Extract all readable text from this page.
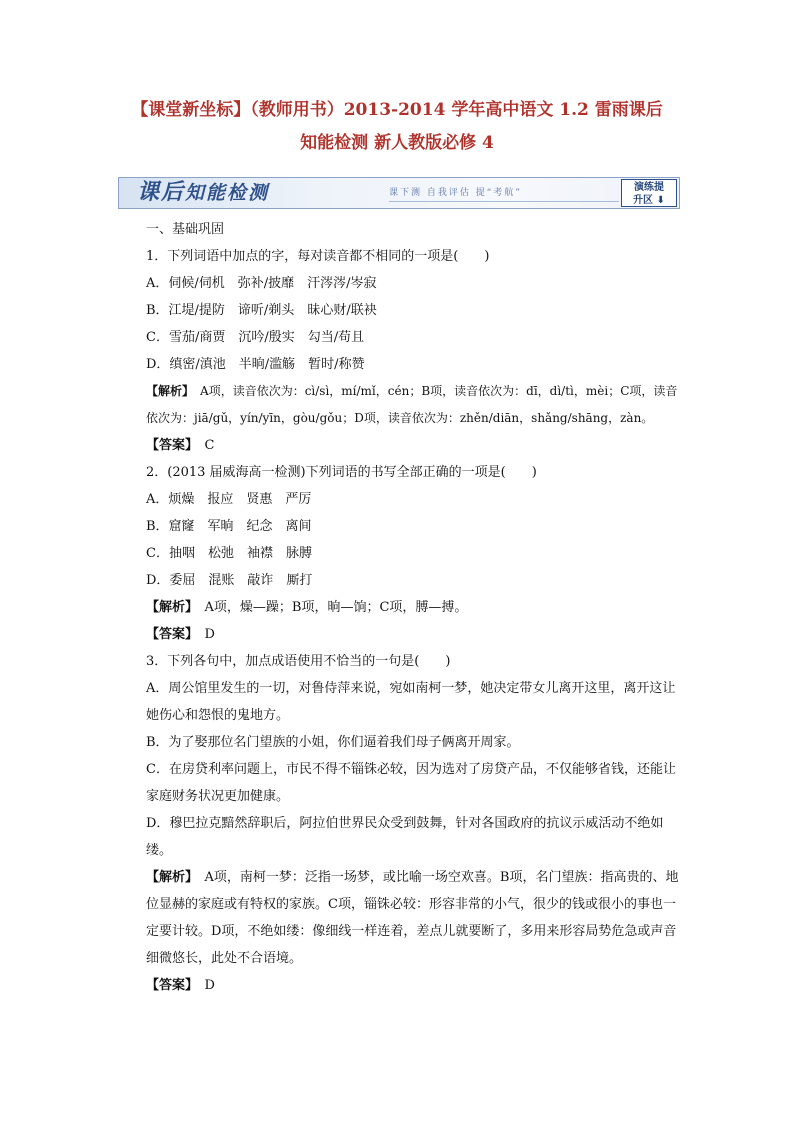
【课堂新坐标】（教师用书）2013-2014 学年高中语文 1.2 雷雨课后
知能检测 新人教版必修 4
课后知能检测	课下测 自我评估 提“考航”	演练提
升区 ⬇
一、基础巩固
1．下列词语中加点的字，每对读音都不相同的一项是(　　)
A．伺候/伺机　弥补/披靡　汗涔涔/岑寂
B．江堤/提防　谛听/剃头　昧心财/联袂
C．雪茄/商贾　沉吟/殷实　勾当/苟且
D．缜密/滇池　半晌/滥觞　暂时/称赞
【解析】　 A项，读音依次为：cì/sì，mí/mǐ，cén；B项，读音依次为：dī，dì/tì，mèi；C项，读音依次为：jiā/gǔ，yín/yīn，gòu/gǒu；D项，读音依次为：zhěn/diān，shǎng/shāng，zàn。
【答案】　 C
2．(2013 届威海高一检测)下列词语的书写全部正确的一项是(　　)
A．烦燥　报应　贤惠　严厉
B．窟窿　军晌　纪念　离间
C．抽咽　松弛　袖襟　脉膊
D．委屈　混账　敲诈　厮打
【解析】　 A项，燥—躁；B项，晌—饷；C项，膊—搏。
【答案】　 D
3．下列各句中，加点成语使用不恰当的一句是(　　)
A．周公馆里发生的一切，对鲁侍萍来说，宛如南柯一梦，她决定带女儿离开这里，离开这让她伤心和怨恨的鬼地方。
B．为了娶那位名门望族的小姐，你们逼着我们母子俩离开周家。
C．在房贷利率问题上，市民不得不锱铢必较，因为选对了房贷产品，不仅能够省钱，还能让家庭财务状况更加健康。
D．穆巴拉克黯然辞职后，阿拉伯世界民众受到鼓舞，针对各国政府的抗议示威活动不绝如缕。
【解析】　 A项，南柯一梦：泛指一场梦，或比喻一场空欢喜。B项，名门望族：指高贵的、地位显赫的家庭或有特权的家族。C项，锱铢必较：形容非常的小气，很少的钱或很小的事也一定要计较。D项，不绝如缕：像细线一样连着，差点儿就要断了，多用来形容局势危急或声音细微悠长，此处不合语境。
【答案】　 D
